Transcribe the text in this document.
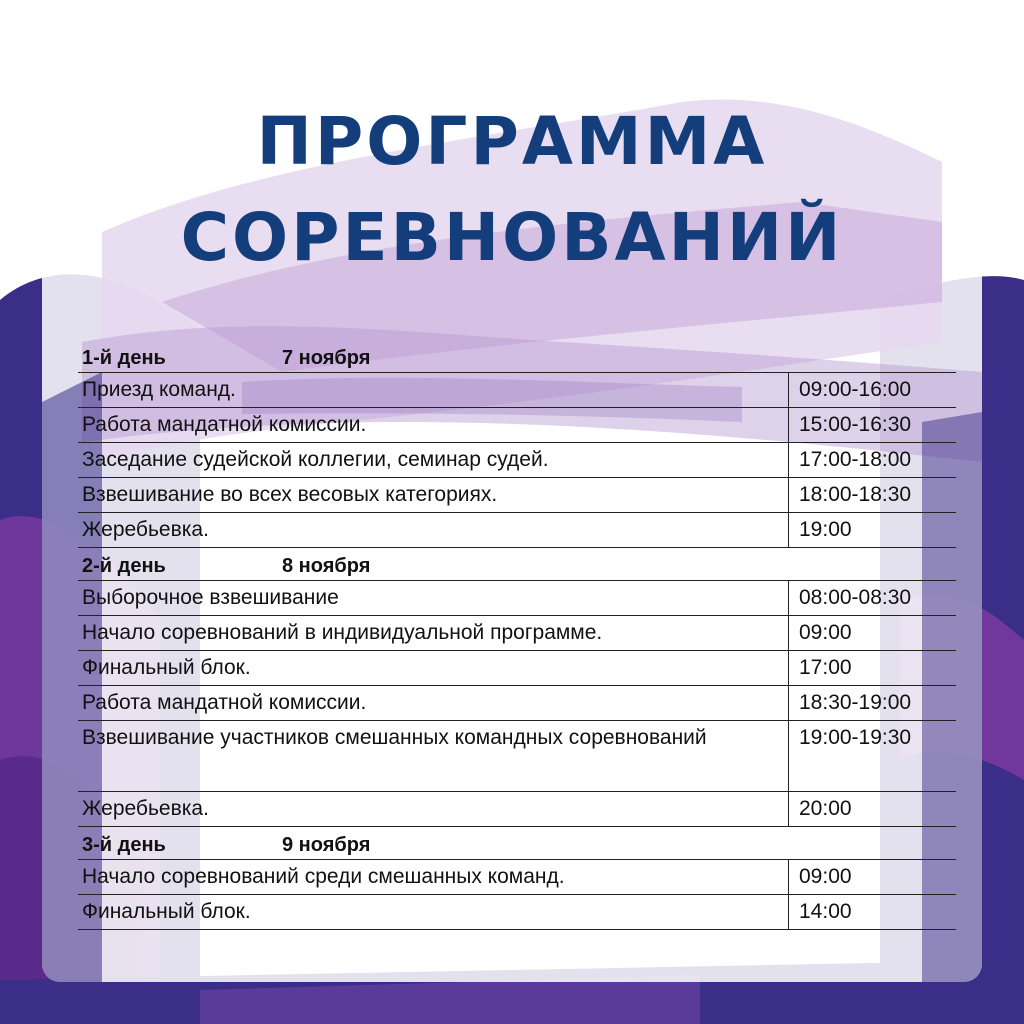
ПРОГРАММА
СОРЕВНОВАНИЙ
1-й день 7 ноября	
Приезд команд.	09:00-16:00
Работа мандатной комиссии.	15:00-16:30
Заседание судейской коллегии, семинар судей.	17:00-18:00
Взвешивание во всех весовых категориях.	18:00-18:30
Жеребьевка.	19:00
2-й день 8 ноября	
Выборочное взвешивание	08:00-08:30
Начало соревнований в индивидуальной программе.	09:00
Финальный блок.	17:00
Работа мандатной комиссии.	18:30-19:00
Взвешивание участников смешанных командных соревнований	19:00-19:30
Жеребьевка.	20:00
3-й день 9 ноября	
Начало соревнований среди смешанных команд.	09:00
Финальный блок.	14:00
